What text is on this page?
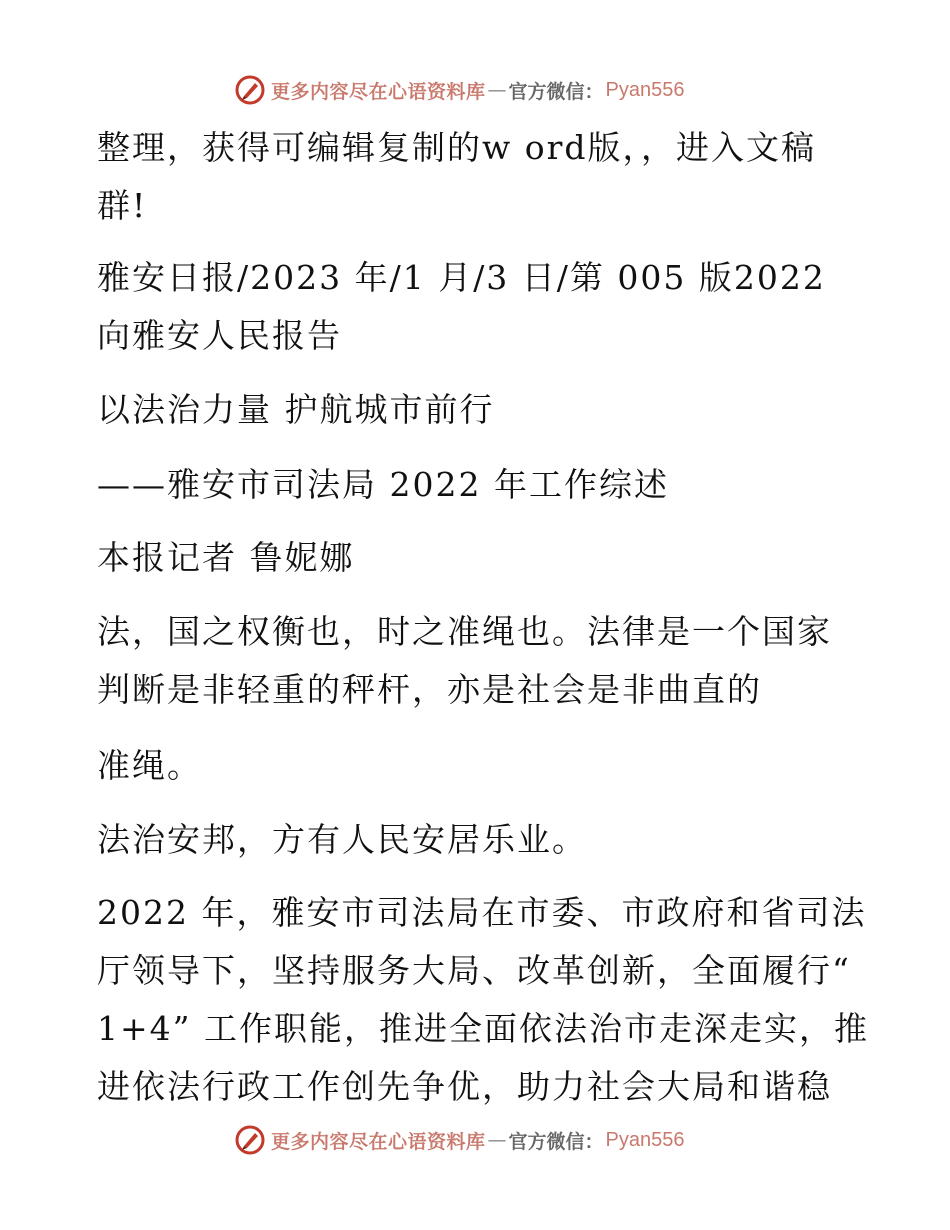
更多内容尽在心语资料库 — 官方微信： Pyan556
整理，获得可编辑复制的w ord版，，进入文稿
群!
雅安日报/2023 年/1 月/3 日/第 005 版2022
向雅安人民报告
以法治力量 护航城市前行
——雅安市司法局 2022 年工作综述
本报记者 鲁妮娜
法，国之权衡也，时之准绳也。法律是一个国家
判断是非轻重的秤杆，亦是社会是非曲直的
准绳。
法治安邦，方有人民安居乐业。
2022 年，雅安市司法局在市委、市政府和省司法
厅领导下，坚持服务大局、改革创新，全面履行“
1+4” 工作职能，推进全面依法治市走深走实，推
进依法行政工作创先争优，助力社会大局和谐稳
更多内容尽在心语资料库 — 官方微信： Pyan556
